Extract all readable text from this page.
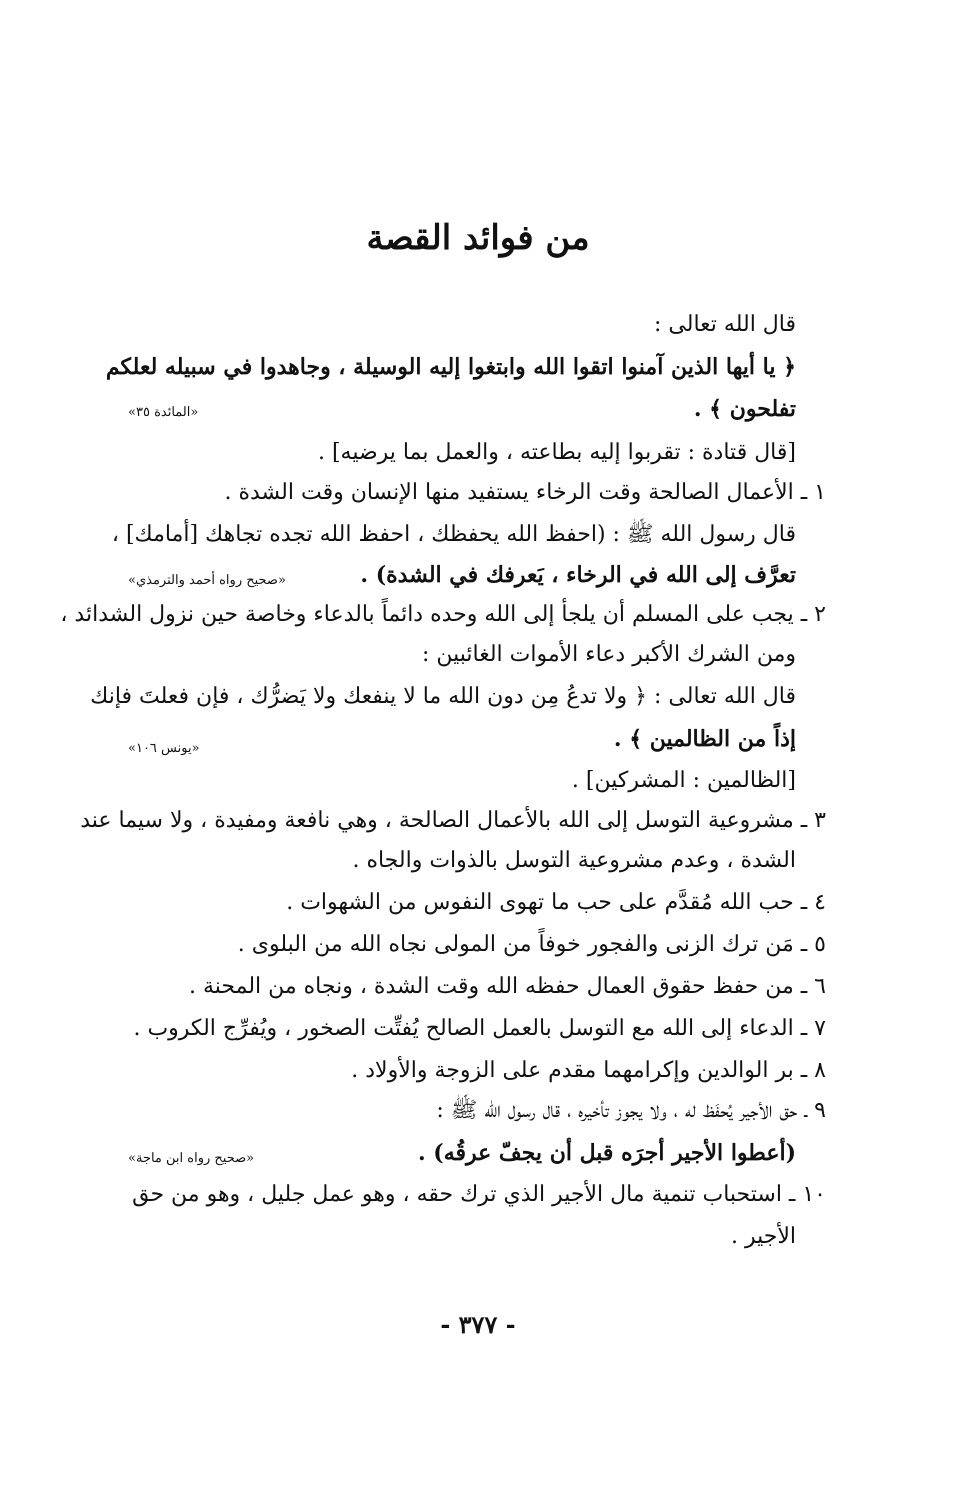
من فوائد القصة
قال الله تعالى :
﴿ يا أيها الذين آمنوا اتقوا الله وابتغوا إليه الوسيلة ، وجاهدوا في سبيله لعلكم
تفلحون ﴾ .
[قال قتادة : تقربوا إليه بطاعته ، والعمل بما يرضيه] .
١ ـ الأعمال الصالحة وقت الرخاء يستفيد منها الإنسان وقت الشدة .
قال رسول الله ﷺ : (احفظ الله يحفظك ، احفظ الله تجده تجاهك [أمامك] ،
تعرَّف إلى الله في الرخاء ، يَعرفك في الشدة) .
٢ ـ يجب على المسلم أن يلجأ إلى الله وحده دائماً بالدعاء وخاصة حين نزول الشدائد ،
ومن الشرك الأكبر دعاء الأموات الغائبين :
قال الله تعالى : ﴿ ولا تدعُ مِن دون الله ما لا ينفعك ولا يَضرُّك ، فإن فعلتَ فإنك
إذاً من الظالمين ﴾ .
[الظالمين : المشركين] .
٣ ـ مشروعية التوسل إلى الله بالأعمال الصالحة ، وهي نافعة ومفيدة ، ولا سيما عند
الشدة ، وعدم مشروعية التوسل بالذوات والجاه .
٤ ـ حب الله مُقدَّم على حب ما تهوى النفوس من الشهوات .
٥ ـ مَن ترك الزنى والفجور خوفاً من المولى نجاه الله من البلوى .
٦ ـ من حفظ حقوق العمال حفظه الله وقت الشدة ، ونجاه من المحنة .
٧ ـ الدعاء إلى الله مع التوسل بالعمل الصالح يُفتِّت الصخور ، ويُفرِّج الكروب .
٨ ـ بر الوالدين وإكرامهما مقدم على الزوجة والأولاد .
٩ ـ حق الأجير يُحفَظ له ، ولا يجوز تأخيره ، قال رسول الله ﷺ :
(أعطوا الأجير أجرَه قبل أن يجفّ عرقُه) .
١٠ ـ استحباب تنمية مال الأجير الذي ترك حقه ، وهو عمل جليل ، وهو من حق
الأجير .
«المائدة ٣٥»
«صحيح رواه أحمد والترمذي»
«يونس ١٠٦»
«صحيح رواه ابن ماجة»
- ٣٧٧ -
